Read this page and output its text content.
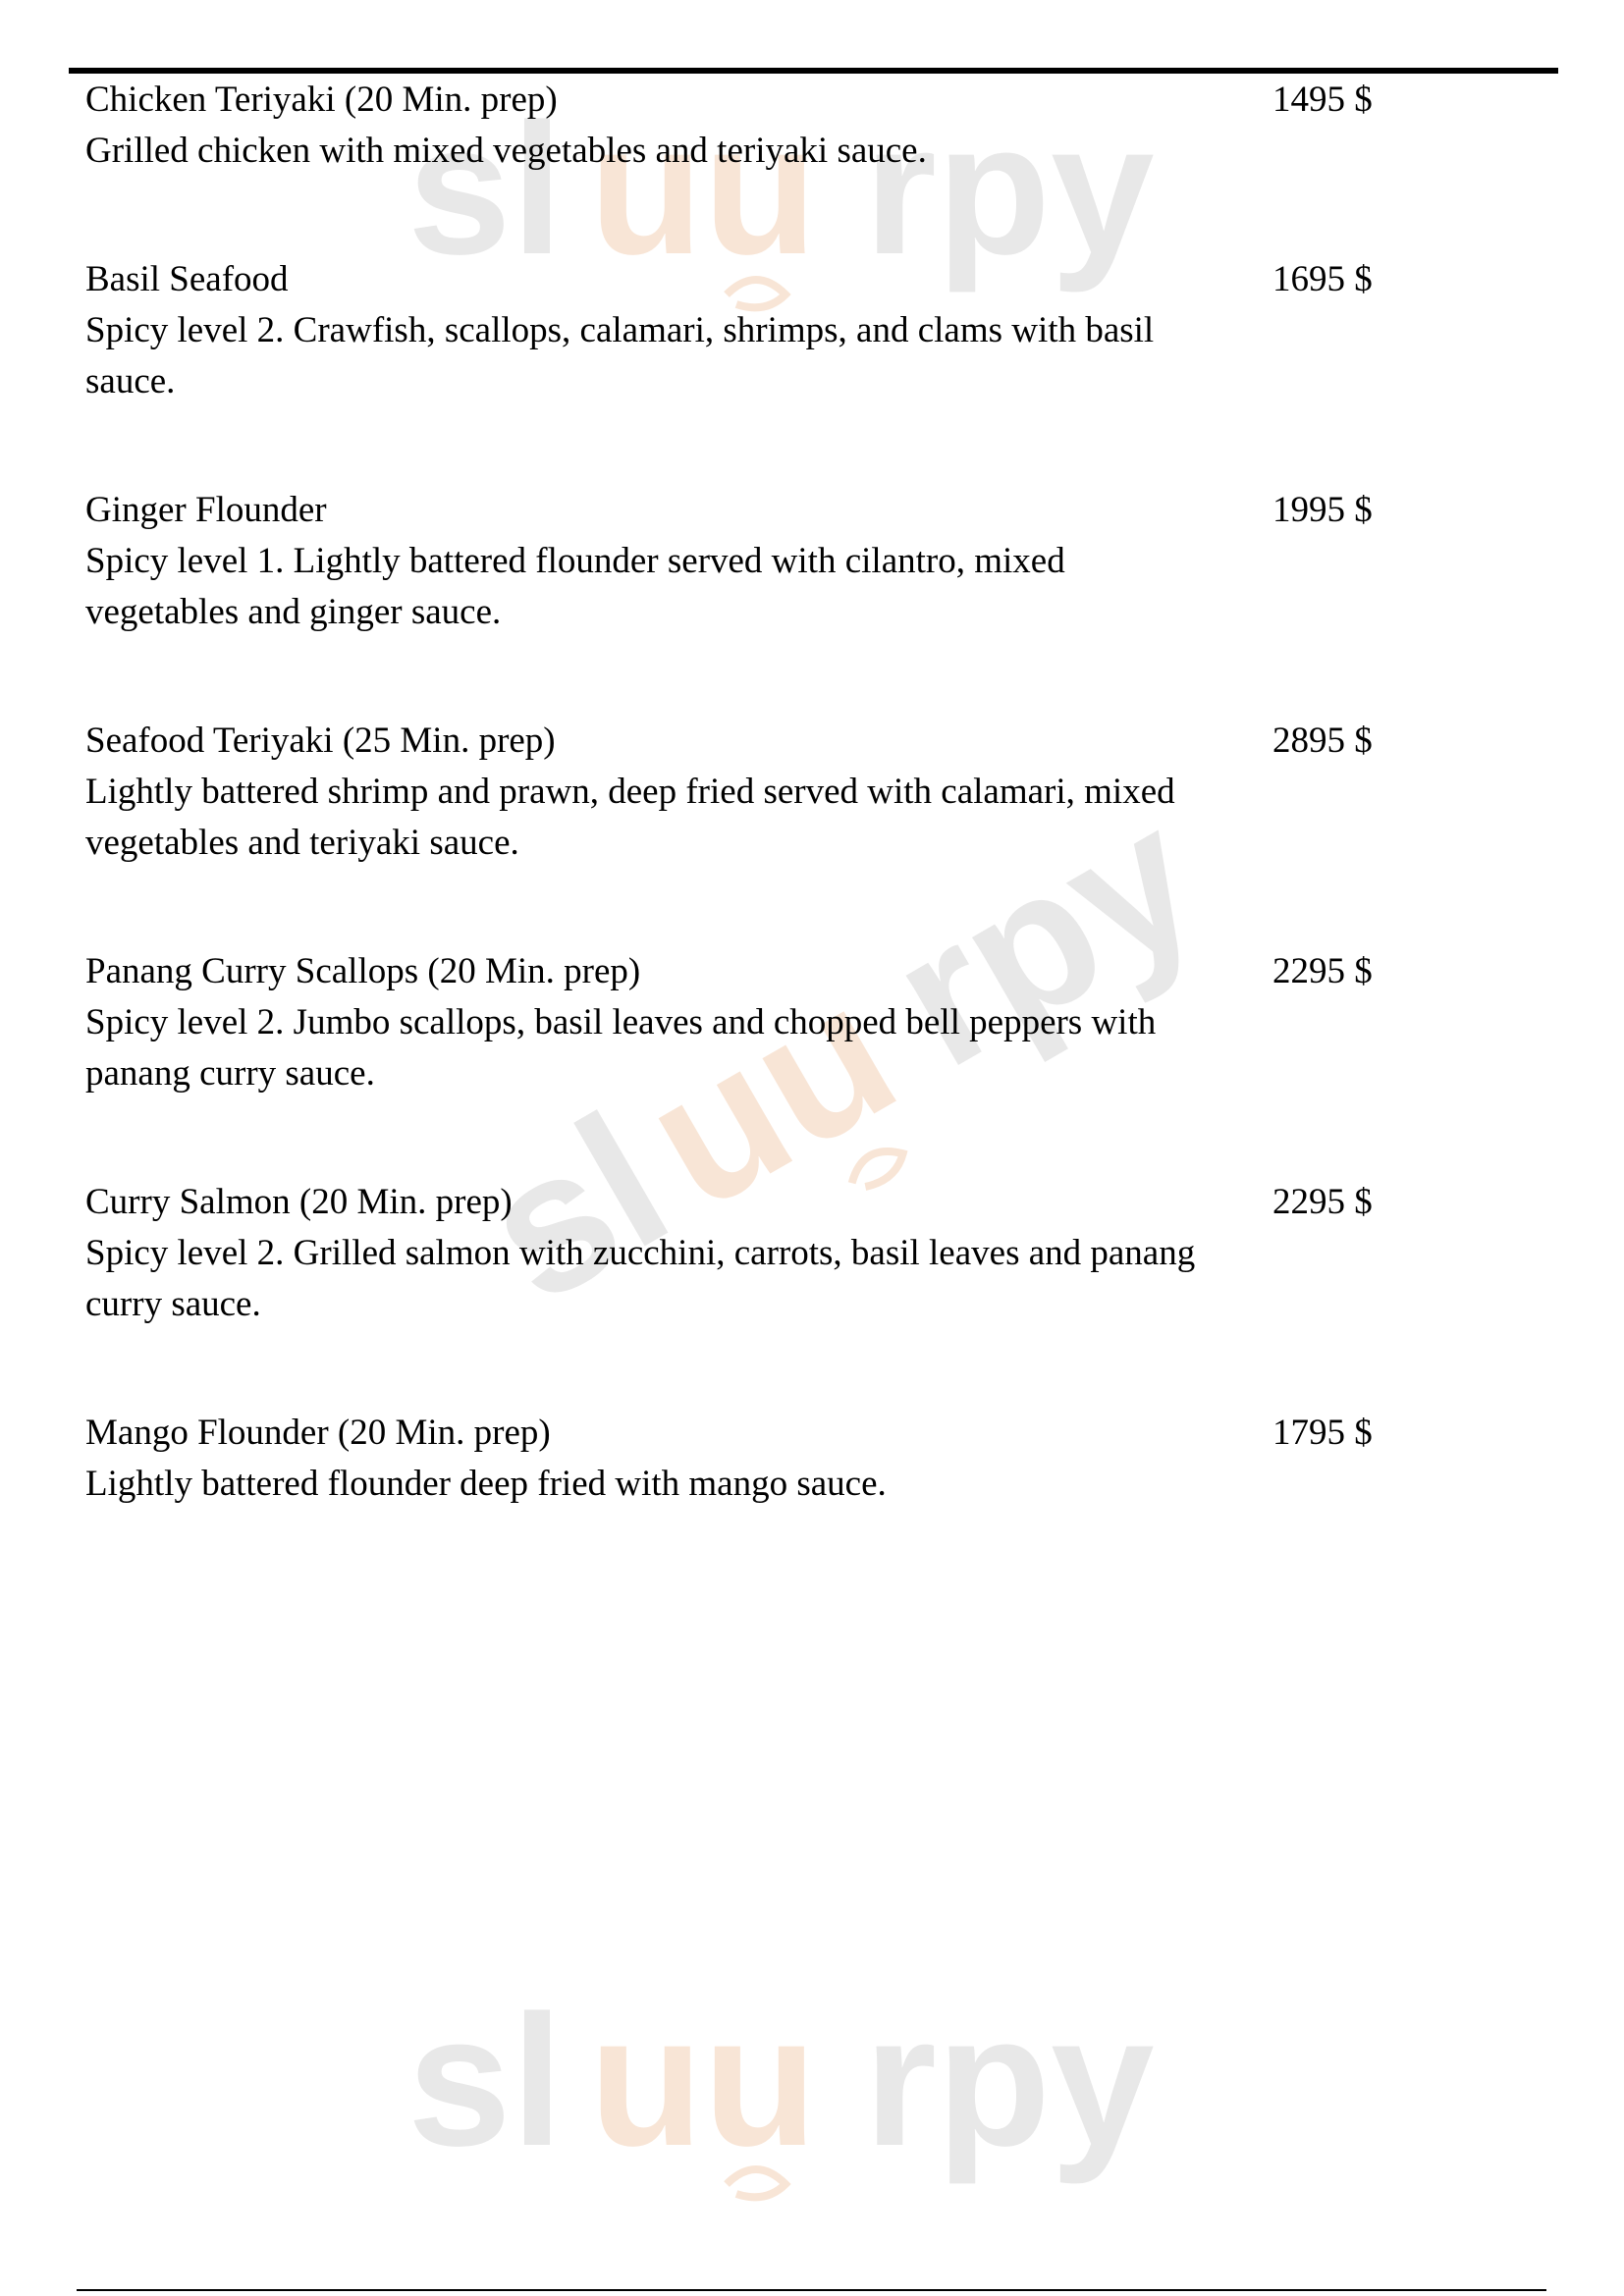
sl uu rpy
sl
uu
rpy
sl uu rpy
Chicken Teriyaki (20 Min. prep)
Grilled chicken with mixed vegetables and teriyaki sauce.
1495 $
Basil Seafood
Spicy level 2. Crawfish, scallops, calamari, shrimps, and clams with basil sauce.
1695 $
Ginger Flounder
Spicy level 1. Lightly battered flounder served with cilantro, mixed vegetables and ginger sauce.
1995 $
Seafood Teriyaki (25 Min. prep)
Lightly battered shrimp and prawn, deep fried served with calamari, mixed vegetables and teriyaki sauce.
2895 $
Panang Curry Scallops (20 Min. prep)
Spicy level 2. Jumbo scallops, basil leaves and chopped bell peppers with panang curry sauce.
2295 $
Curry Salmon (20 Min. prep)
Spicy level 2. Grilled salmon with zucchini, carrots, basil leaves and panang curry sauce.
2295 $
Mango Flounder (20 Min. prep)
Lightly battered flounder deep fried with mango sauce.
1795 $
